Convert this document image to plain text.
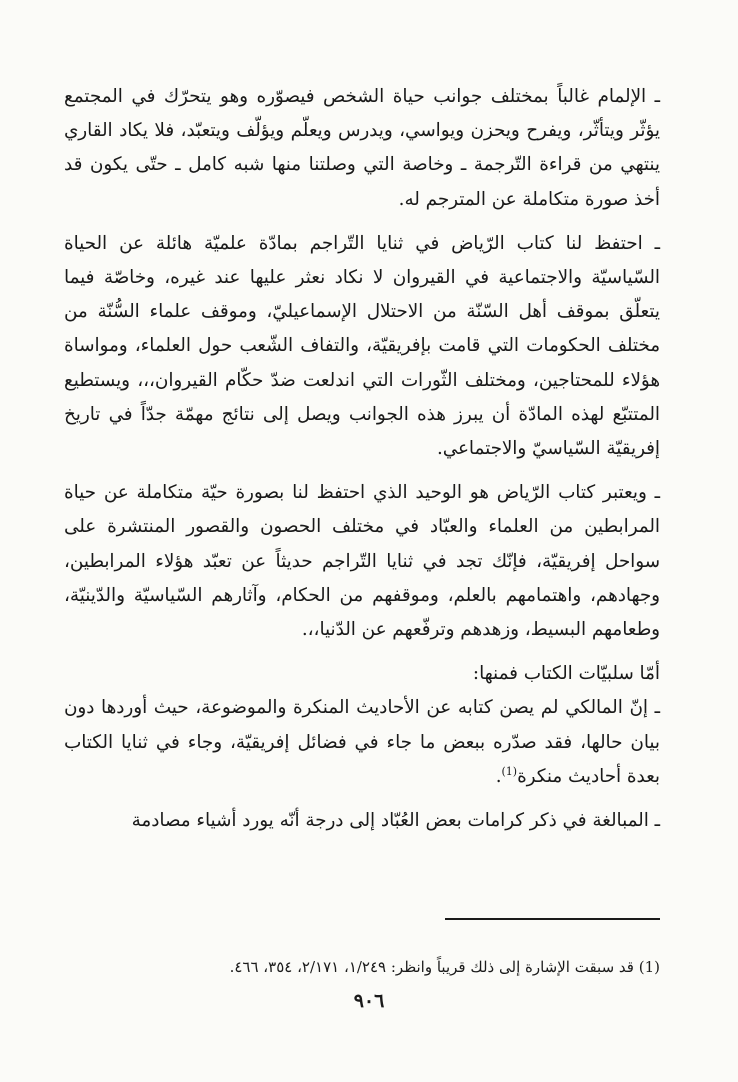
ـ الإلمام غالباً بمختلف جوانب حياة الشخص فيصوّره وهو يتحرّك في المجتمع يؤثّر ويتأثّر، ويفرح ويحزن ويواسي، ويدرس ويعلّم ويؤلّف ويتعبّد، فلا يكاد القاري ينتهي من قراءة التّرجمة ـ وخاصة التي وصلتنا منها شبه كامل ـ حتّى يكون قد أخذ صورة متكاملة عن المترجم له.

ـ احتفظ لنا كتاب الرّياض في ثنايا التّراجم بمادّة علميّة هائلة عن الحياة السّياسيّة والاجتماعية في القيروان لا نكاد نعثر عليها عند غيره، وخاصّة فيما يتعلّق بموقف أهل السّنّة من الاحتلال الإسماعيليّ، وموقف علماء السُّنّة من مختلف الحكومات التي قامت بإفريقيّة، والتفاف الشّعب حول العلماء، ومواساة هؤلاء للمحتاجين، ومختلف الثّورات التي اندلعت ضدّ حكّام القيروان،،، ويستطيع المتتبّع لهذه المادّة أن يبرز هذه الجوانب ويصل إلى نتائج مهمّة جدّاً في تاريخ إفريقيّة السّياسيّ والاجتماعي.

ـ ويعتبر كتاب الرّياض هو الوحيد الذي احتفظ لنا بصورة حيّة متكاملة عن حياة المرابطين من العلماء والعبّاد في مختلف الحصون والقصور المنتشرة على سواحل إفريقيّة، فإنّك تجد في ثنايا التّراجم حديثاً عن تعبّد هؤلاء المرابطين، وجهادهم، واهتمامهم بالعلم، وموقفهم من الحكام، وآثارهم السّياسيّة والدّينيّة، وطعامهم البسيط، وزهدهم وترفّعهم عن الدّنيا،،.

أمّا سلبيّات الكتاب فمنها:

ـ إنّ المالكي لم يصن كتابه عن الأحاديث المنكرة والموضوعة، حيث أوردها دون بيان حالها، فقد صدّره ببعض ما جاء في فضائل إفريقيّة، وجاء في ثنايا الكتاب بعدة أحاديث منكرة$^{(1)}$.

ـ المبالغة في ذكر كرامات بعض العُبّاد إلى درجة أنّه يورد أشياء مصادمة

(1) قد سبقت الإشارة إلى ذلك قريباً وانظر: ١/٢٤٩، ٢/١٧١، ٣٥٤، ٤٦٦.

٩٠٦
